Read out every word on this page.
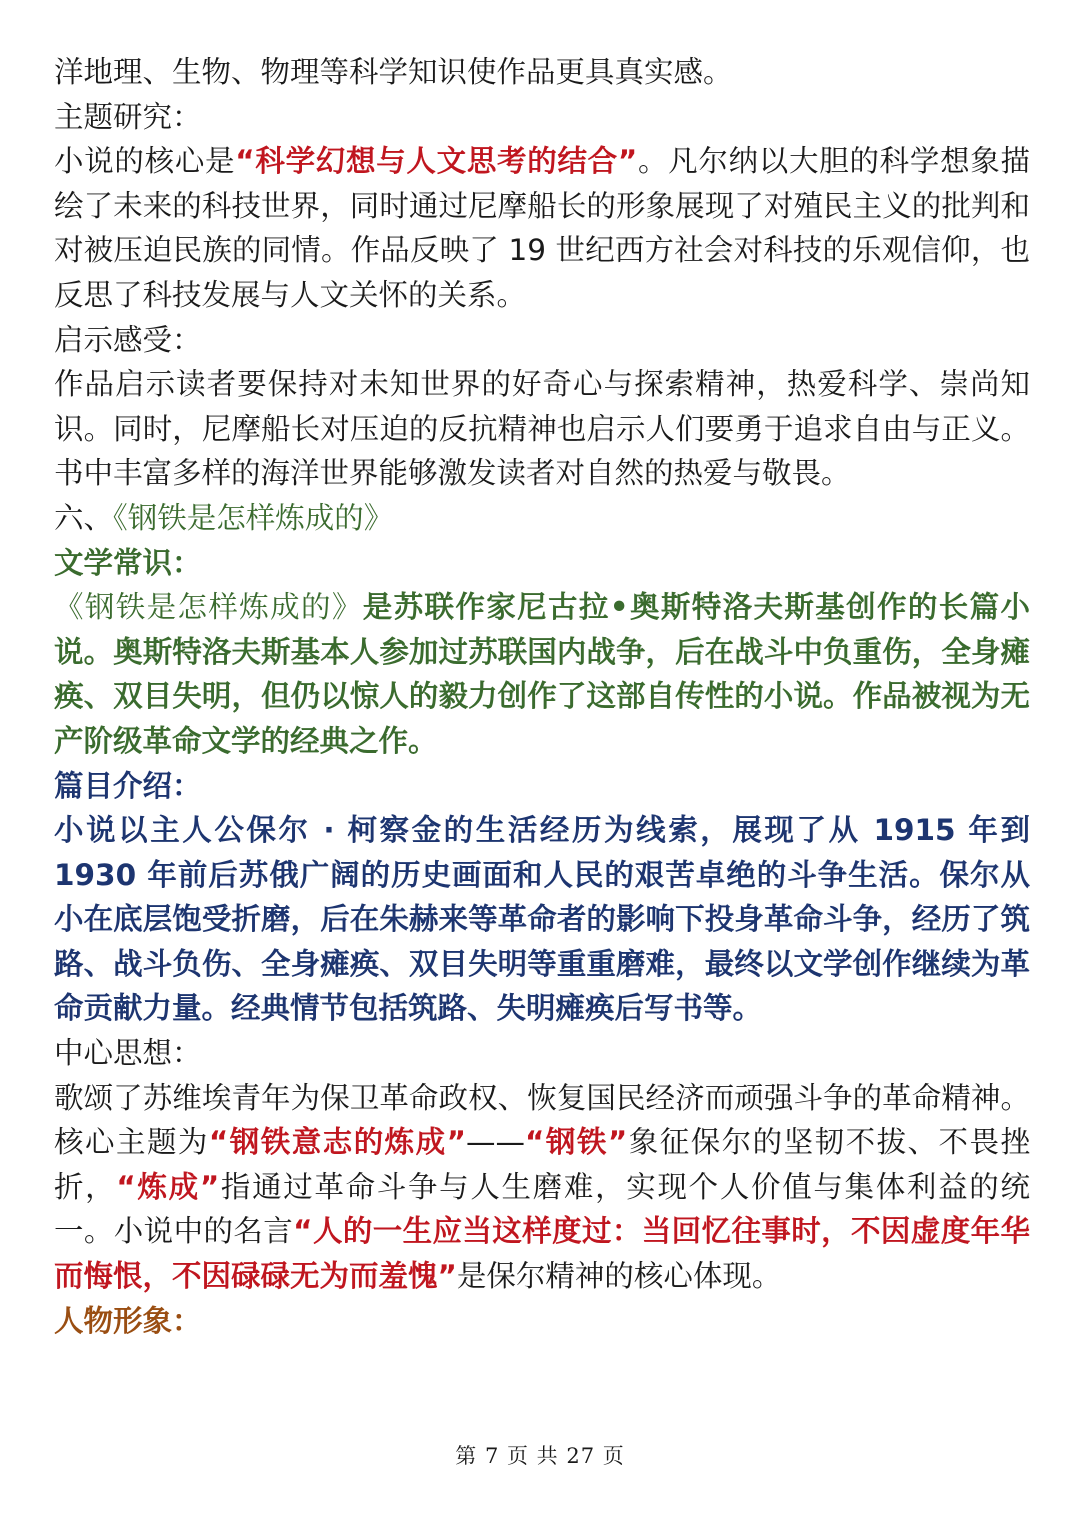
洋地理、生物、物理等科学知识使作品更具真实感。

主题研究：

小说的核心是“科学幻想与人文思考的结合”。凡尔纳以大胆的科学想象描绘了未来的科技世界，同时通过尼摩船长的形象展现了对殖民主义的批判和对被压迫民族的同情。作品反映了 19 世纪西方社会对科技的乐观信仰，也反思了科技发展与人文关怀的关系。

启示感受：

作品启示读者要保持对未知世界的好奇心与探索精神，热爱科学、崇尚知识。同时，尼摩船长对压迫的反抗精神也启示人们要勇于追求自由与正义。书中丰富多样的海洋世界能够激发读者对自然的热爱与敬畏。

六、《钢铁是怎样炼成的》

文学常识：

《钢铁是怎样炼成的》是苏联作家尼古拉•奥斯特洛夫斯基创作的长篇小说。奥斯特洛夫斯基本人参加过苏联国内战争，后在战斗中负重伤，全身瘫痪、双目失明，但仍以惊人的毅力创作了这部自传性的小说。作品被视为无产阶级革命文学的经典之作。

篇目介绍：

小说以主人公保尔 · 柯察金的生活经历为线索，展现了从 1915 年到 1930 年前后苏俄广阔的历史画面和人民的艰苦卓绝的斗争生活。保尔从小在底层饱受折磨，后在朱赫来等革命者的影响下投身革命斗争，经历了筑路、战斗负伤、全身瘫痪、双目失明等重重磨难，最终以文学创作继续为革命贡献力量。经典情节包括筑路、失明瘫痪后写书等。

中心思想：

歌颂了苏维埃青年为保卫革命政权、恢复国民经济而顽强斗争的革命精神。核心主题为“钢铁意志的炼成”——“钢铁”象征保尔的坚韧不拔、不畏挫折，“炼成”指通过革命斗争与人生磨难，实现个人价值与集体利益的统一。小说中的名言“人的一生应当这样度过：当回忆往事时，不因虚度年华而悔恨，不因碌碌无为而羞愧”是保尔精神的核心体现。

人物形象：

第 7 页 共 27 页
